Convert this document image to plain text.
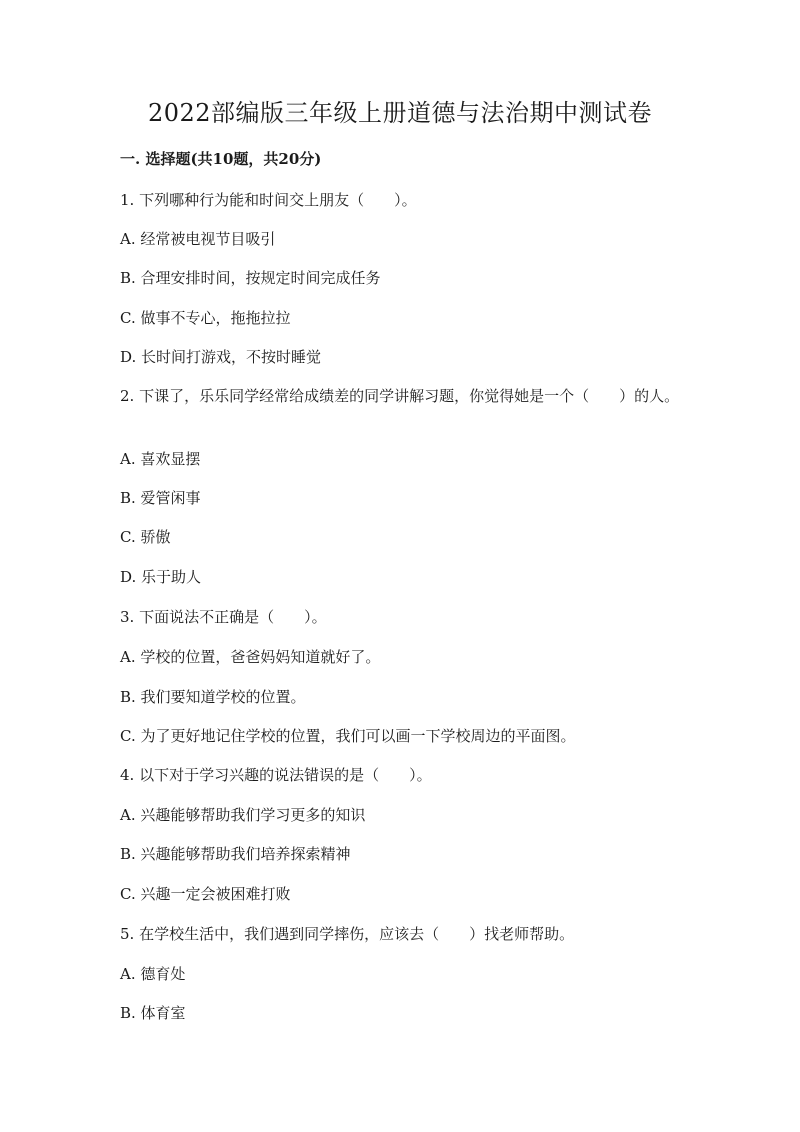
2022部编版三年级上册道德与法治期中测试卷
一. 选择题(共10题，共20分)
1. 下列哪种行为能和时间交上朋友（　　）。
A. 经常被电视节目吸引
B. 合理安排时间，按规定时间完成任务
C. 做事不专心，拖拖拉拉
D. 长时间打游戏，不按时睡觉
2. 下课了，乐乐同学经常给成绩差的同学讲解习题，你觉得她是一个（　　）的人。
A. 喜欢显摆
B. 爱管闲事
C. 骄傲
D. 乐于助人
3. 下面说法不正确是（　　）。
A. 学校的位置，爸爸妈妈知道就好了。
B. 我们要知道学校的位置。
C. 为了更好地记住学校的位置，我们可以画一下学校周边的平面图。
4. 以下对于学习兴趣的说法错误的是（　　）。
A. 兴趣能够帮助我们学习更多的知识
B. 兴趣能够帮助我们培养探索精神
C. 兴趣一定会被困难打败
5. 在学校生活中，我们遇到同学摔伤，应该去（　　）找老师帮助。
A. 德育处
B. 体育室
